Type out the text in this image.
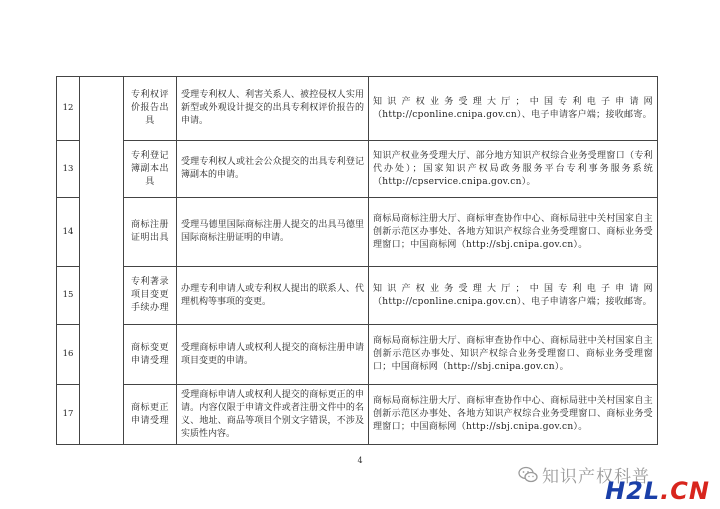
12		专利权评价报告出具	受理专利权人、利害关系人、被控侵权人实用新型或外观设计提交的出具专利权评价报告的申请。	知识产权业务受理大厅；中国专利电子申请网（http://cponline.cnipa.gov.cn）、电子申请客户端；接收邮寄。
13		专利登记簿副本出具	受理专利权人或社会公众提交的出具专利登记簿副本的申请。	知识产权业务受理大厅、部分地方知识产权综合业务受理窗口（专利代办处）；国家知识产权局政务服务平台专利事务服务系统（http://cpservice.cnipa.gov.cn）。
14		商标注册证明出具	受理马德里国际商标注册人提交的出具马德里国际商标注册证明的申请。	商标局商标注册大厅、商标审查协作中心、商标局驻中关村国家自主创新示范区办事处、各地方知识产权综合业务受理窗口、商标业务受理窗口；中国商标网（http://sbj.cnipa.gov.cn）。
15		专利著录项目变更手续办理	办理专利申请人或专利权人提出的联系人、代理机构等事项的变更。	知识产权业务受理大厅；中国专利电子申请网（http://cponline.cnipa.gov.cn）、电子申请客户端；接收邮寄。
16		商标变更申请受理	受理商标申请人或权利人提交的商标注册申请项目变更的申请。	商标局商标注册大厅、商标审查协作中心、商标局驻中关村国家自主创新示范区办事处、知识产权综合业务受理窗口、商标业务受理窗口；中国商标网（http://sbj.cnipa.gov.cn）。
17		商标更正申请受理	受理商标申请人或权利人提交的商标更正的申请。内容仅限于申请文件或者注册文件中的名义、地址、商品等项目个别文字错误，不涉及实质性内容。	商标局商标注册大厅、商标审查协作中心、商标局驻中关村国家自主创新示范区办事处、各地方知识产权综合业务受理窗口、商标业务受理窗口；中国商标网（http://sbj.cnipa.gov.cn）。
4
知识产权科普
H2L.CN
